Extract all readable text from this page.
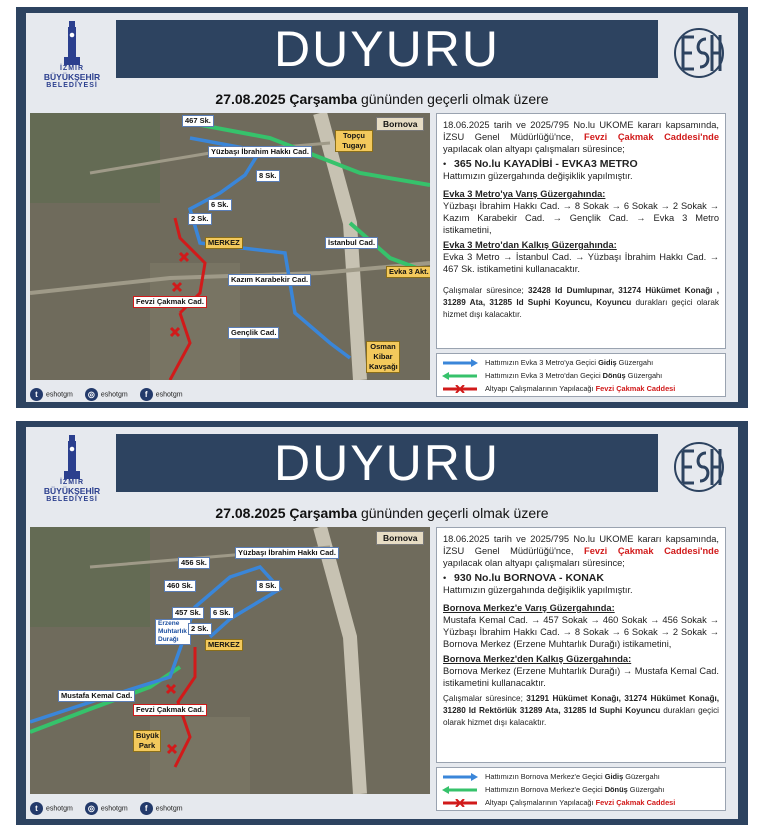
İZMİR
BÜYÜKŞEHİR
BELEDİYESİ
DUYURU
27.08.2025 Çarşamba gününden geçerli olmak üzere
Bornova
467 Sk.
Topçu Tugayı
Yüzbaşı İbrahim Hakkı Cad.
8 Sk.
6 Sk.
2 Sk.
MERKEZ	İstanbul Cad.
Evka 3 Akt.
Kazım Karabekir Cad.
Fevzi Çakmak Cad.
Gençlik Cad.
Osman Kibar Kavşağı
t eshotgm	◎ eshotgm	f eshotgm

18.06.2025 tarih ve 2025/795 No.lu UKOME kararı kapsamında, İZSU Genel Müdürlüğü'nce, Fevzi Çakmak Caddesi'nde yapılacak olan altyapı çalışmaları süresince;

•   365 No.lu KAYADİBİ - EVKA3 METRO

Hattımızın güzergahında değişiklik yapılmıştır.

Evka 3 Metro'ya Varış Güzergahında:

Yüzbaşı İbrahim Hakkı Cad. → 8 Sokak → 6 Sokak → 2 Sokak → Kazım Karabekir Cad. → Gençlik Cad. → Evka 3 Metro istikametini,

Evka 3 Metro'dan Kalkış Güzergahında:

Evka 3 Metro → İstanbul Cad. → Yüzbaşı İbrahim Hakkı Cad. → 467 Sk. istikametini kullanacaktır.

Çalışmalar süresince; 32428 Id Dumlupınar, 31274 Hükümet Konağı , 31289 Ata, 31285 Id Suphi Koyuncu, Koyuncu durakları geçici olarak hizmet dışı kalacaktır.

Hattımızın Evka 3 Metro'ya Geçici Gidiş Güzergahı
Hattımızın Evka 3 Metro'dan Geçici Dönüş Güzergahı
Altyapı Çalışmalarının Yapılacağı Fevzi Çakmak Caddesi
İZMİR
BÜYÜKŞEHİR
BELEDİYESİ
DUYURU
27.08.2025 Çarşamba gününden geçerli olmak üzere
Bornova
456 Sk.
Yüzbaşı İbrahim Hakkı Cad.
460 Sk.	8 Sk.
457 Sk.	6 Sk.
Erzene Muhtarlık Durağı
2 Sk.
MERKEZ
Mustafa Kemal Cad.
Fevzi Çakmak Cad.
Büyük Park
t eshotgm	◎ eshotgm	f eshotgm

18.06.2025 tarih ve 2025/795 No.lu UKOME kararı kapsamında, İZSU Genel Müdürlüğü'nce, Fevzi Çakmak Caddesi'nde yapılacak olan altyapı çalışmaları süresince;

•   930 No.lu BORNOVA - KONAK

Hattımızın güzergahında değişiklik yapılmıştır.

Bornova Merkez'e Varış Güzergahında:

Mustafa Kemal Cad. → 457 Sokak → 460 Sokak → 456 Sokak → Yüzbaşı İbrahim Hakkı Cad. → 8 Sokak → 6 Sokak → 2 Sokak → Bornova Merkez (Erzene Muhtarlık Durağı) istikametini,

Bornova Merkez'den Kalkış Güzergahında:

Bornova Merkez (Erzene Muhtarlık Durağı) → Mustafa Kemal Cad. istikametini kullanacaktır.

Çalışmalar süresince; 31291 Hükümet Konağı, 31274 Hükümet Konağı, 31280 Id Rektörlük 31289 Ata, 31285 Id Suphi Koyuncu durakları geçici olarak hizmet dışı kalacaktır.

Hattımızın Bornova Merkez'e Geçici Gidiş Güzergahı
Hattımızın Bornova Merkez'e Geçici Dönüş Güzergahı
Altyapı Çalışmalarının Yapılacağı Fevzi Çakmak Caddesi
